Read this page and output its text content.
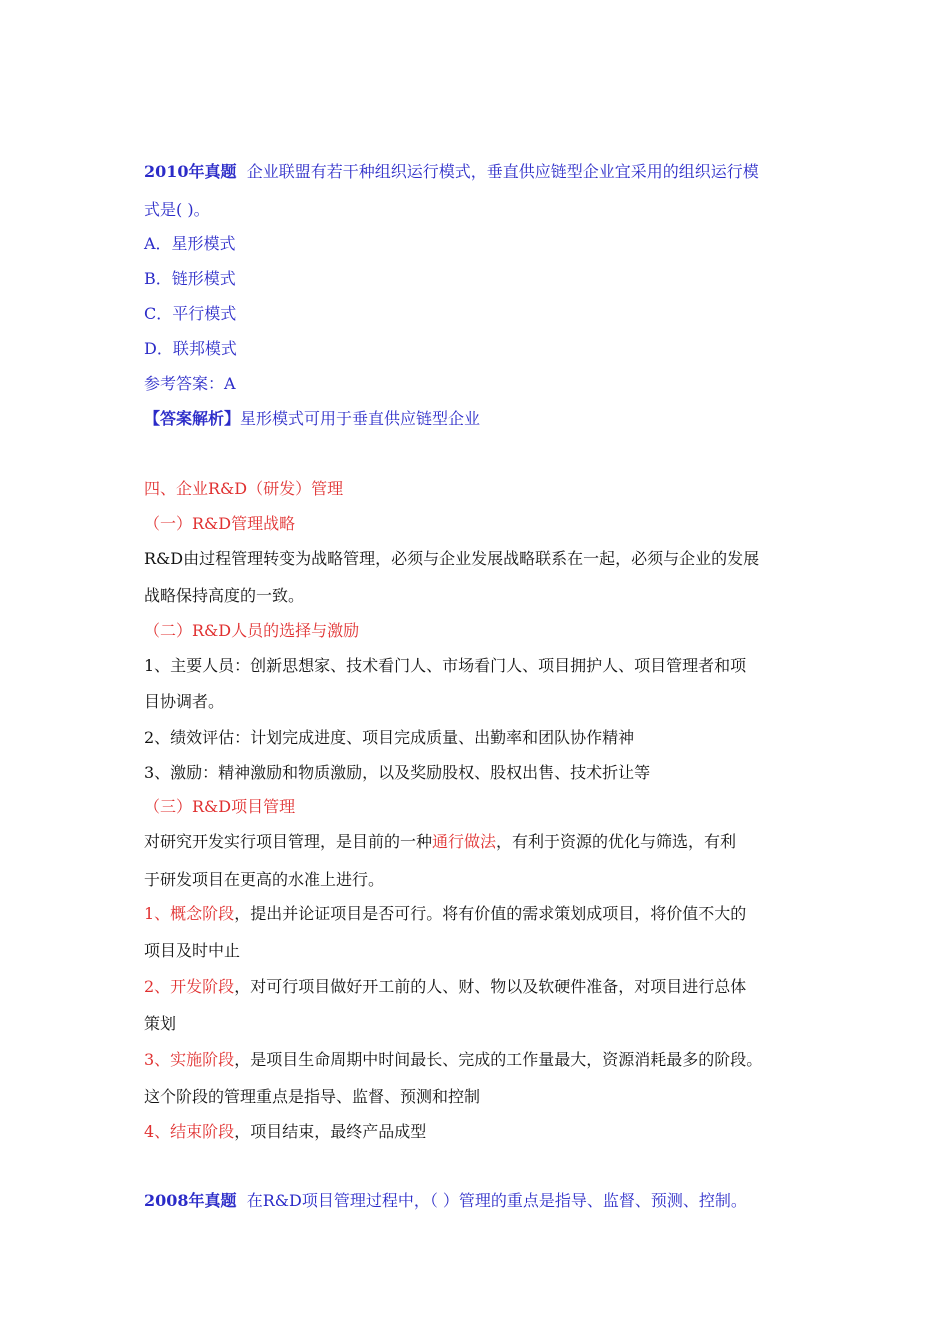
2010年真题 企业联盟有若干种组织运行模式，垂直供应链型企业宜采用的组织运行模
式是( )。
A．星形模式
B．链形模式
C．平行模式
D．联邦模式
参考答案：A
【答案解析】星形模式可用于垂直供应链型企业
四、企业R&D（研发）管理
（一）R&D管理战略
R&D由过程管理转变为战略管理，必须与企业发展战略联系在一起，必须与企业的发展
战略保持高度的一致。
（二）R&D人员的选择与激励
1、主要人员：创新思想家、技术看门人、市场看门人、项目拥护人、项目管理者和项
目协调者。
2、绩效评估：计划完成进度、项目完成质量、出勤率和团队协作精神
3、激励：精神激励和物质激励，以及奖励股权、股权出售、技术折让等
（三）R&D项目管理
对研究开发实行项目管理，是目前的一种通行做法，有利于资源的优化与筛选，有利
于研发项目在更高的水准上进行。
1、概念阶段，提出并论证项目是否可行。将有价值的需求策划成项目，将价值不大的
项目及时中止
2、开发阶段，对可行项目做好开工前的人、财、物以及软硬件准备，对项目进行总体
策划
3、实施阶段，是项目生命周期中时间最长、完成的工作量最大，资源消耗最多的阶段。
这个阶段的管理重点是指导、监督、预测和控制
4、结束阶段，项目结束，最终产品成型
2008年真题 在R&D项目管理过程中，（ ）管理的重点是指导、监督、预测、控制。
